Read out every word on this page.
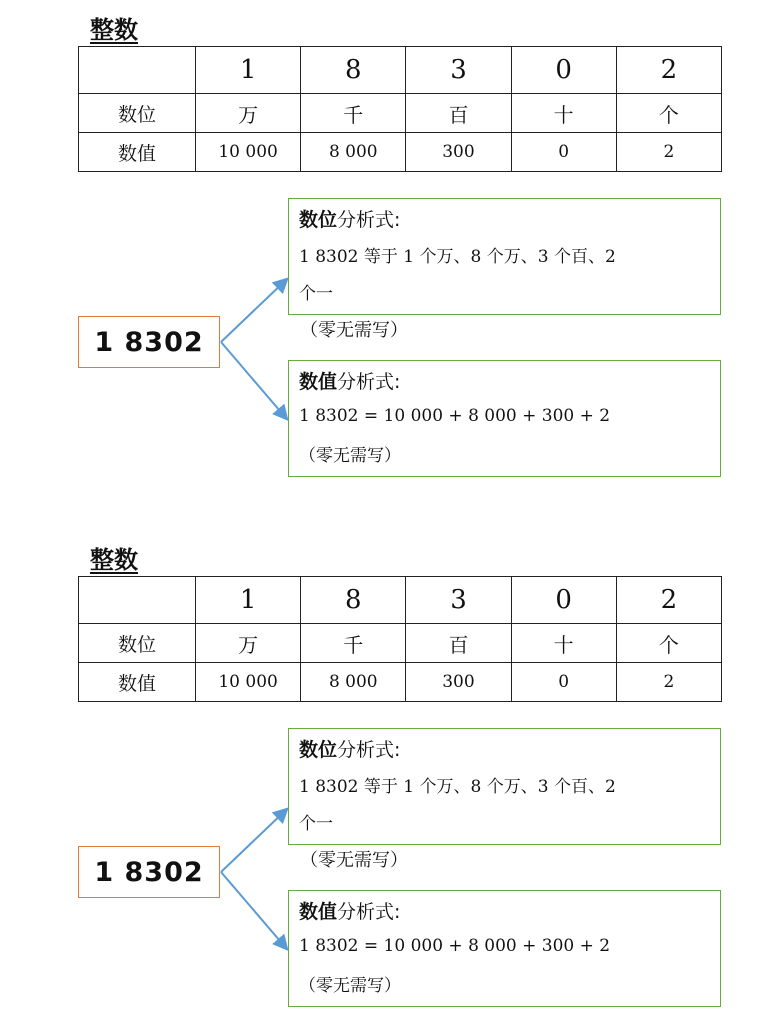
整数
	1	8	3	0	2
数位	万	千	百	十	个
数值	10 000	8 000	300	0	2
1 8302
数位分析式:
1 8302 等于 1 个万、8 个万、3 个百、2
个一
（零无需写）
数值分析式:
1 8302 = 10 000 + 8 000 + 300 + 2
（零无需写）
整数
	1	8	3	0	2
数位	万	千	百	十	个
数值	10 000	8 000	300	0	2
1 8302
数位分析式:
1 8302 等于 1 个万、8 个万、3 个百、2
个一
（零无需写）
数值分析式:
1 8302 = 10 000 + 8 000 + 300 + 2
（零无需写）
